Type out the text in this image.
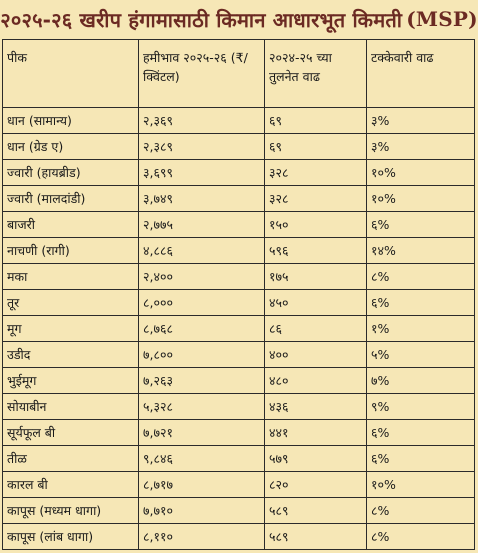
२०२५-२६ खरीप हंगामासाठी किमान आधारभूत किमती (MSP)
पीक	हमीभाव २०२५-२६ (₹/क्विंटल)	२०२४-२५ च्या तुलनेत वाढ	टक्केवारी वाढ
धान (सामान्य)	२,३६९	६९	३%
धान (ग्रेड ए)	२,३८९	६९	३%
ज्वारी (हायब्रीड)	३,६९९	३२८	१०%
ज्वारी (मालदांडी)	३,७४९	३२८	१०%
बाजरी	२,७७५	१५०	६%
नाचणी (रागी)	४,८८६	५९६	१४%
मका	२,४००	१७५	८%
तूर	८,०००	४५०	६%
मूग	८,७६८	८६	१%
उडीद	७,८००	४००	५%
भुईमूग	७,२६३	४८०	७%
सोयाबीन	५,३२८	४३६	९%
सूर्यफूल बी	७,७२१	४४१	६%
तीळ	९,८४६	५७९	६%
कारल बी	८,७१७	८२०	१०%
कापूस (मध्यम धागा)	७,७१०	५८९	८%
कापूस (लांब धागा)	८,११०	५८९	८%
